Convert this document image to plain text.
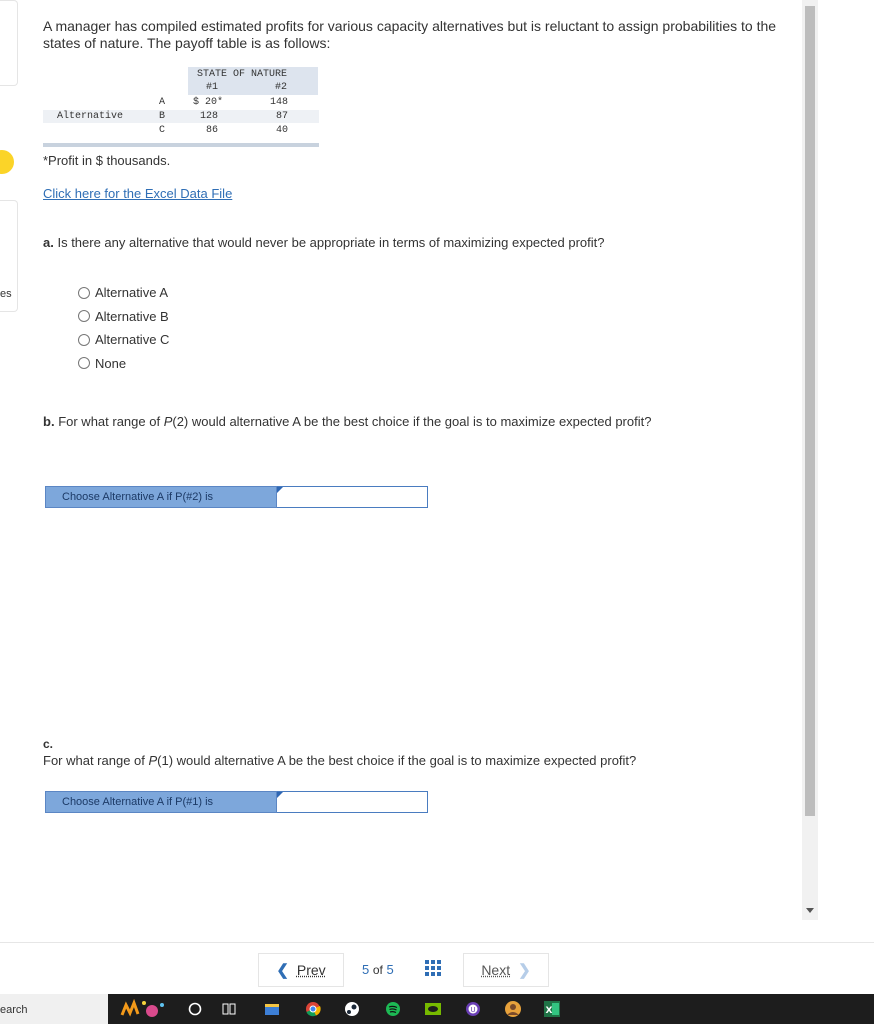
es

A manager has compiled estimated profits for various capacity alternatives but is reluctant to assign probabilities to the states of nature. The payoff table is as follows:

STATE OF NATURE
#1	#2
Alternative
A	$ 20*	148
B	128	87
C	86	40

*Profit in $ thousands.

Click here for the Excel Data File

a. Is there any alternative that would never be appropriate in terms of maximizing expected profit?

Alternative A
Alternative B
Alternative C
None

b. For what range of P(2) would alternative A be the best choice if the goal is to maximize expected profit?

Choose Alternative A if P(#2) is

c.

For what range of P(1) would alternative A be the best choice if the goal is to maximize expected profit?

Choose Alternative A if P(#1) is
❮ Prev	5 of 5	Next ❯
earch	U	X
